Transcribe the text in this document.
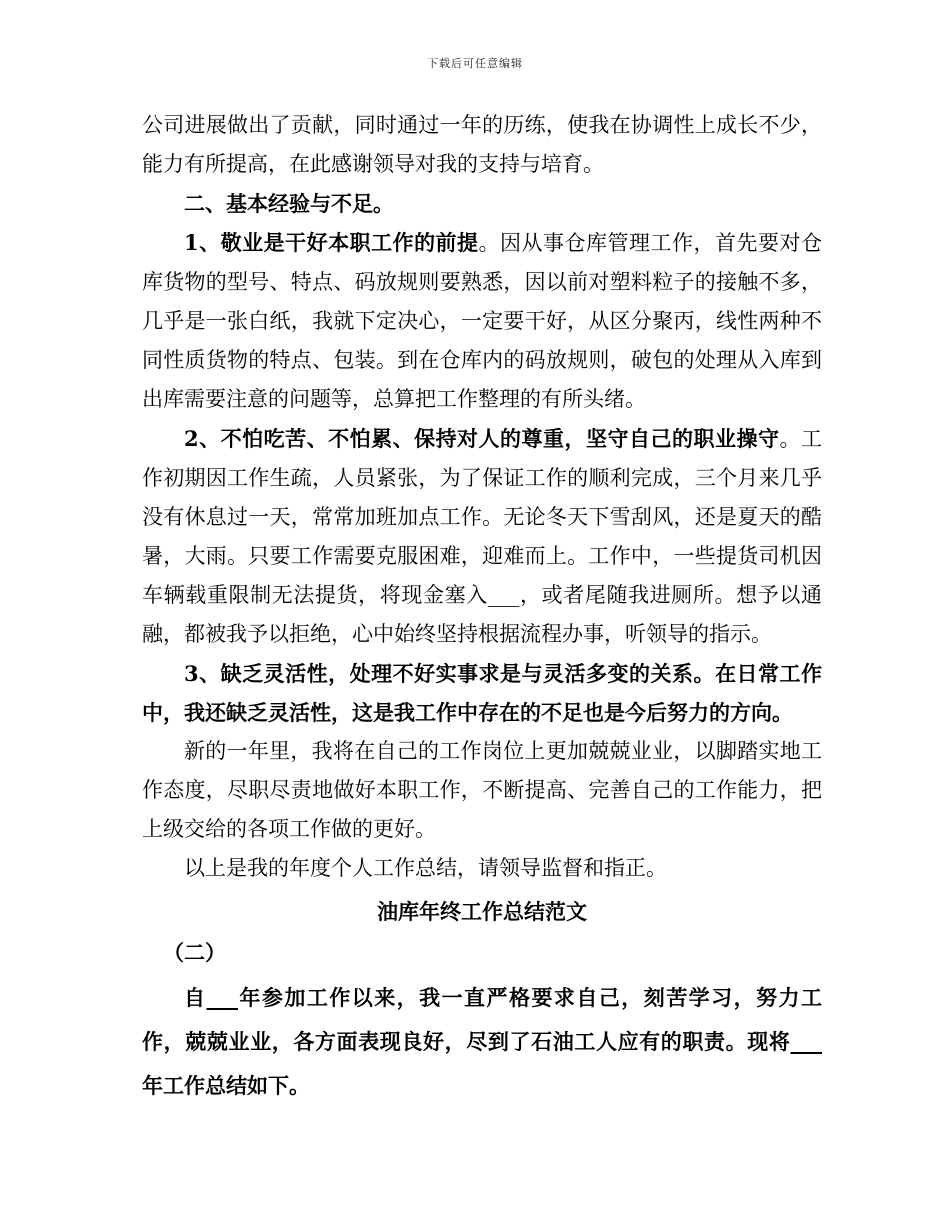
下载后可任意编辑

公司进展做出了贡献，同时通过一年的历练，使我在协调性上成长不少，能力有所提高，在此感谢领导对我的支持与培育。

二、基本经验与不足。

1、敬业是干好本职工作的前提。因从事仓库管理工作，首先要对仓库货物的型号、特点、码放规则要熟悉，因以前对塑料粒子的接触不多，几乎是一张白纸，我就下定决心，一定要干好，从区分聚丙，线性两种不同性质货物的特点、包装。到在仓库内的码放规则，破包的处理从入库到出库需要注意的问题等，总算把工作整理的有所头绪。

2、不怕吃苦、不怕累、保持对人的尊重，坚守自己的职业操守。工作初期因工作生疏，人员紧张，为了保证工作的顺利完成，三个月来几乎没有休息过一天，常常加班加点工作。无论冬天下雪刮风，还是夏天的酷暑，大雨。只要工作需要克服困难，迎难而上。工作中，一些提货司机因车辆载重限制无法提货，将现金塞入___，或者尾随我进厕所。想予以通融，都被我予以拒绝，心中始终坚持根据流程办事，听领导的指示。

3、缺乏灵活性，处理不好实事求是与灵活多变的关系。在日常工作中，我还缺乏灵活性，这是我工作中存在的不足也是今后努力的方向。

新的一年里，我将在自己的工作岗位上更加兢兢业业，以脚踏实地工作态度，尽职尽责地做好本职工作，不断提高、完善自己的工作能力，把上级交给的各项工作做的更好。

以上是我的年度个人工作总结，请领导监督和指正。

油库年终工作总结范文

（二）

自___年参加工作以来，我一直严格要求自己，刻苦学习，努力工作，兢兢业业，各方面表现良好，尽到了石油工人应有的职责。现将___年工作总结如下。
